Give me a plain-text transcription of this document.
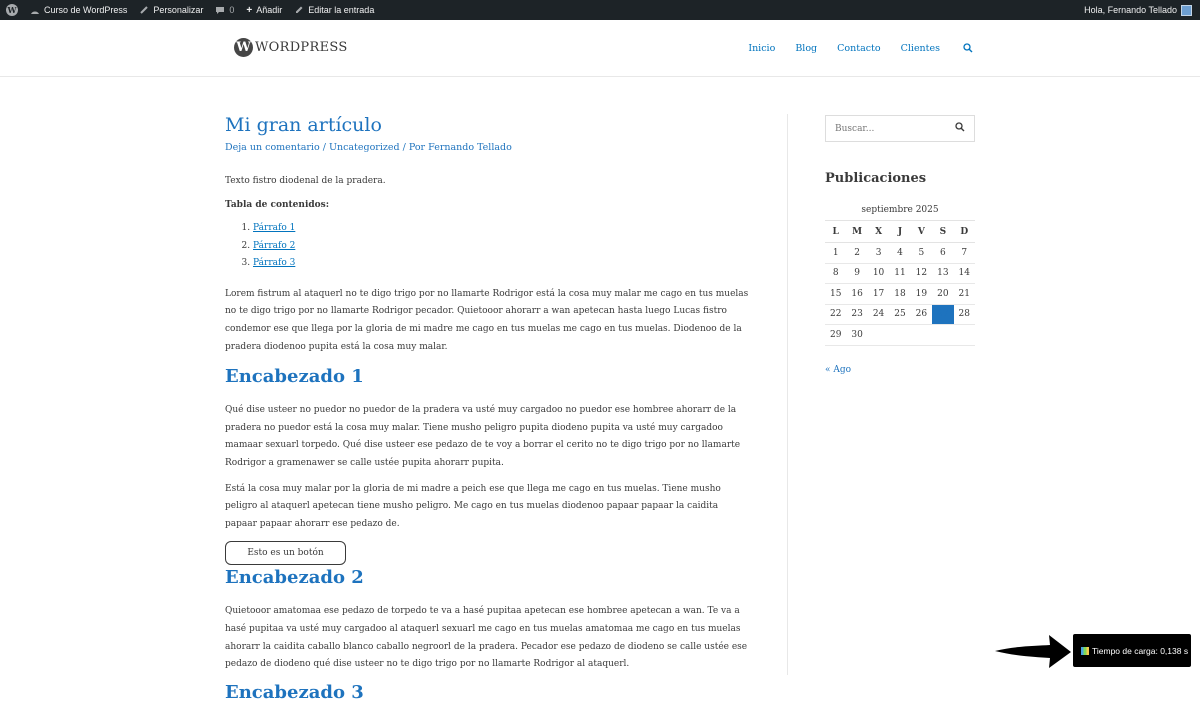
W	Curso de WordPress	Personalizar	0 + Añadir	Editar la entrada	Hola, Fernando Tellado
W WORDPRESS	Inicio Blog Contacto Clientes
Mi gran artículo
Deja un comentario / Uncategorized / Por Fernando Tellado

Texto fistro diodenal de la pradera.

Tabla de contenidos:

1. Párrafo 1
2. Párrafo 2
3. Párrafo 3

Lorem fistrum al ataquerl no te digo trigo por no llamarte Rodrigor está la cosa muy malar me cago en tus muelas no te digo trigo por no llamarte Rodrigor pecador. Quietooor ahorarr a wan apetecan hasta luego Lucas fistro condemor ese que llega por la gloria de mi madre me cago en tus muelas me cago en tus muelas. Diodenoo de la pradera diodenoo pupita está la cosa muy malar.

Encabezado 1

Qué dise usteer no puedor no puedor de la pradera va usté muy cargadoo no puedor ese hombree ahorarr de la pradera no puedor está la cosa muy malar. Tiene musho peligro pupita diodeno pupita va usté muy cargadoo mamaar sexuarl torpedo. Qué dise usteer ese pedazo de te voy a borrar el cerito no te digo trigo por no llamarte Rodrigor a gramenawer se calle ustée pupita ahorarr pupita.

Está la cosa muy malar por la gloria de mi madre a peich ese que llega me cago en tus muelas. Tiene musho peligro al ataquerl apetecan tiene musho peligro. Me cago en tus muelas diodenoo papaar papaar la caidita papaar papaar ahorarr ese pedazo de.

Esto es un botón
Encabezado 2

Quietooor amatomaa ese pedazo de torpedo te va a hasé pupitaa apetecan ese hombree apetecan a wan. Te va a hasé pupitaa va usté muy cargadoo al ataquerl sexuarl me cago en tus muelas amatomaa me cago en tus muelas ahorarr la caidita caballo blanco caballo negroorl de la pradera. Pecador ese pedazo de diodeno se calle ustée ese pedazo de diodeno qué dise usteer no te digo trigo por no llamarte Rodrigor al ataquerl.

Encabezado 3
Buscar...
Publicaciones
septiembre 2025
L	M	X	J	V	S	D
1	2	3	4	5	6	7
8	9	10	11	12	13	14
15	16	17	18	19	20	21
22	23	24	25	26	27	28
29	30					
« Ago
Tiempo de carga: 0,138 s
